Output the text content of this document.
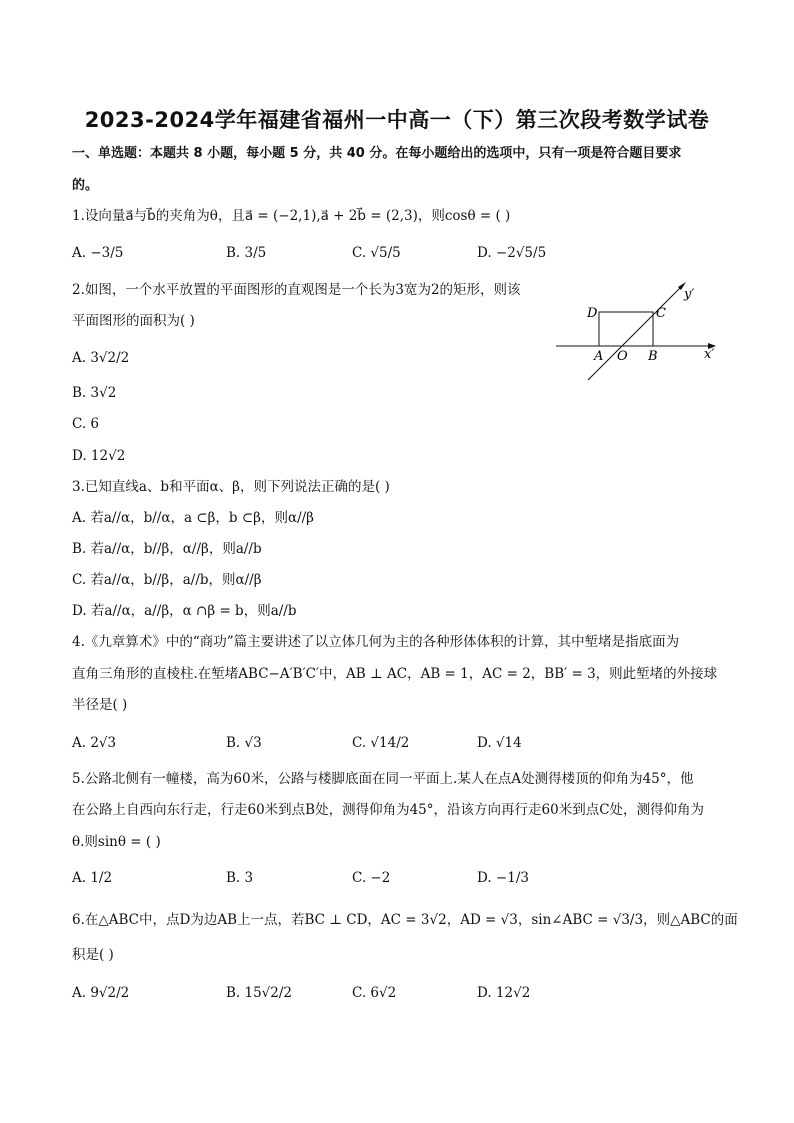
2023-2024学年福建省福州一中高一（下）第三次段考数学试卷
一、单选题：本题共 8 小题，每小题 5 分，共 40 分。在每小题给出的选项中，只有一项是符合题目要求
的。
1.设向量a⃗与b⃗的夹角为θ，且a⃗ = (−2,1),a⃗ + 2b⃗ = (2,3)，则cosθ = ( )
A. −3/5	B. 3/5	C. √5/5	D. −2√5/5
2.如图，一个水平放置的平面图形的直观图是一个长为3宽为2的矩形，则该
平面图形的面积为( )
A. 3√2/2
B. 3√2
C. 6
D. 12√2
D	C
A O B	x′
y′
3.已知直线a、b和平面α、β，则下列说法正确的是( )
A. 若a//α，b//α，a ⊂β，b ⊂β，则α//β
B. 若a//α，b//β，α//β，则a//b
C. 若a//α，b//β，a//b，则α//β
D. 若a//α，a//β，α ∩β = b，则a//b
4.《九章算术》中的“商功”篇主要讲述了以立体几何为主的各种形体体积的计算，其中堑堵是指底面为
直角三角形的直棱柱.在堑堵ABC−A′B′C′中，AB ⊥ AC，AB = 1，AC = 2，BB′ = 3，则此堑堵的外接球
半径是( )
A. 2√3	B. √3	C. √14/2	D. √14
5.公路北侧有一幢楼，高为60米，公路与楼脚底面在同一平面上.某人在点A处测得楼顶的仰角为45°，他
在公路上自西向东行走，行走60米到点B处，测得仰角为45°，沿该方向再行走60米到点C处，测得仰角为
θ.则sinθ = ( )
A. 1/2	B. 3	C. −2	D. −1/3
6.在△ABC中，点D为边AB上一点，若BC ⊥ CD，AC = 3√2，AD = √3，sin∠ABC = √3/3，则△ABC的面
积是( )
A. 9√2/2	B. 15√2/2	C. 6√2	D. 12√2
